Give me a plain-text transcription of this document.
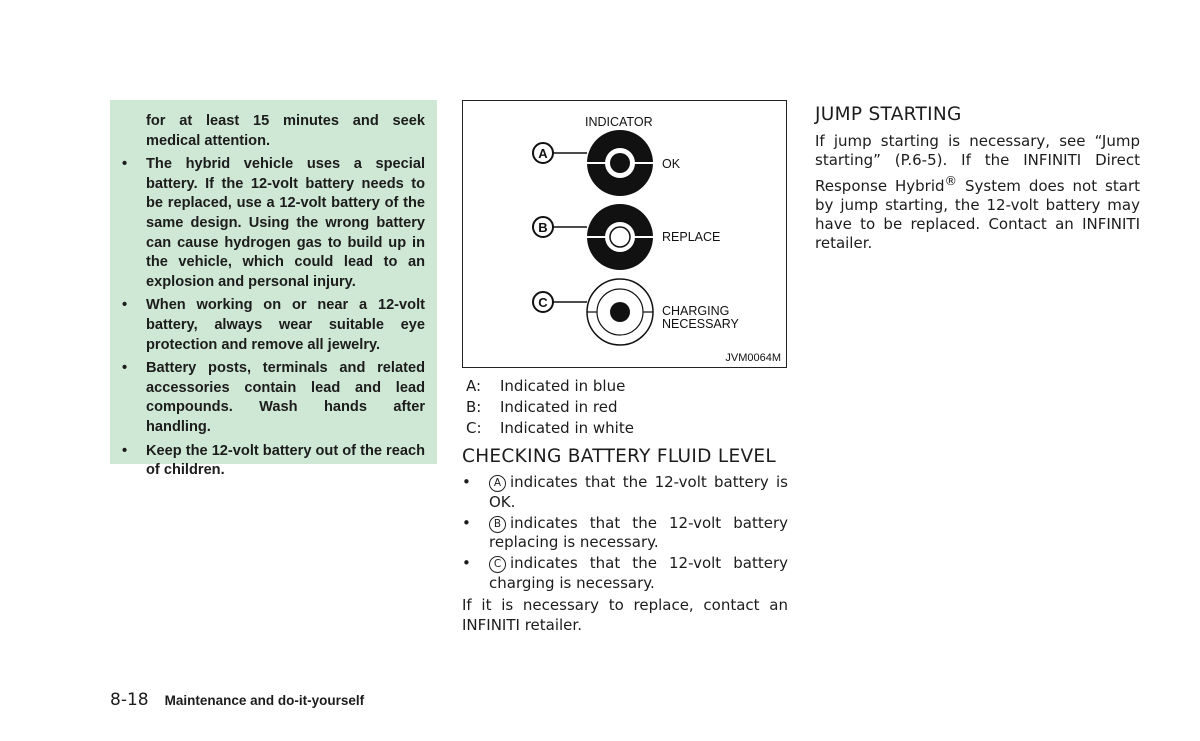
for at least 15 minutes and seek medical attention.
• The hybrid vehicle uses a special battery. If the 12-volt battery needs to be replaced, use a 12-volt battery of the same design. Using the wrong battery can cause hydrogen gas to build up in the vehicle, which could lead to an explosion and personal injury.
• When working on or near a 12-volt battery, always wear suitable eye protection and remove all jewelry.
• Battery posts, terminals and related accessories contain lead and lead compounds. Wash hands after handling.
• Keep the 12-volt battery out of the reach of children.
INDICATOR
A
OK
B
REPLACE
C
CHARGING
NECESSARY
JVM0064M
A:	Indicated in blue
B:	Indicated in red
C:	Indicated in white
CHECKING BATTERY FLUID LEVEL
• A indicates that the 12-volt battery is OK.
• B indicates that the 12-volt battery replacing is necessary.
• C indicates that the 12-volt battery charging is necessary.
If it is necessary to replace, contact an INFINITI retailer.
JUMP STARTING
If jump starting is necessary, see “Jump starting” (P.6-5). If the INFINITI Direct Response Hybrid® System does not start by jump starting, the 12-volt battery may have to be replaced. Contact an INFINITI retailer.
8-18 Maintenance and do-it-yourself
